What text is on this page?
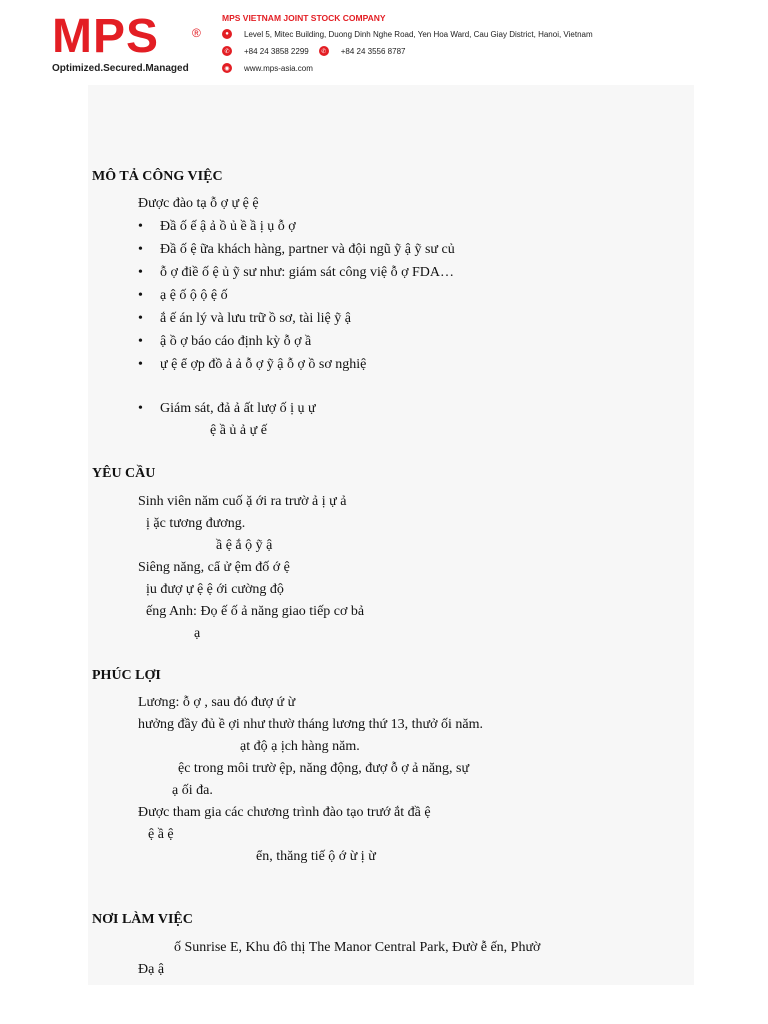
MPS	®
Optimized.Secured.Managed
MPS VIETNAM JOINT STOCK COMPANY
●	Level 5, Mitec Building, Duong Dinh Nghe Road, Yen Hoa Ward, Cau Giay District, Hanoi, Vietnam
✆	+84 24 3858 2299	✆	+84 24 3556 8787
◉ www.mps-asia.com
MÔ TẢ CÔNG VIỆC
Được đào tạ ỗ ợ ự ệ ệ
• Đầ ố ế ậ ả ồ ủ ề ầ ị ụ ỗ ợ
• Đầ ố ệ ữa khách hàng, partner và đội ngũ ỹ ậ ỹ sư củ
• ỗ ợ điề ố ệ ủ ỹ sư như: giám sát công việ ỗ ợ FDA…
• ạ ệ ố ộ ộ ệ ố
• ắ ế án lý và lưu trữ ồ sơ, tài liệ ỹ ậ
• ậ ồ ợ báo cáo định kỳ ỗ ợ ầ
• ự ệ ể ợp đồ ả ả ỗ ợ ỹ ậ ỗ ợ ồ sơ nghiệ
• Giám sát, đả ả ất lượ ố ị ụ ự
ệ ầ ủ ả ự ế
YÊU CẦU
Sinh viên năm cuố ặ ới ra trườ ả ị ự ả
ị ặc tương đương.
ầ ệ ắ ộ ỹ ậ
Siêng năng, cẩ ử ệm đố ớ ệ
ịu đượ ự ệ ệ ới cường độ
ếng Anh: Đọ ế ố ả năng giao tiếp cơ bả
ạ
PHÚC LỢI
Lương: ỗ ợ , sau đó đượ ứ ừ
hưởng đầy đủ ề ợi như thườ tháng lương thứ 13, thưở ối năm.
ạt độ ạ ịch hàng năm.
ệc trong môi trườ ệp, năng động, đượ ỗ ợ ả năng, sự
ạ ối đa.
Được tham gia các chương trình đào tạo trướ ắt đầ ệ
ệ ầ ệ
ển, thăng tiế ộ ớ ừ ị ừ
NƠI LÀM VIỆC
ố Sunrise E, Khu đô thị The Manor Central Park, Đườ ễ ến, Phườ
Đạ ậ
